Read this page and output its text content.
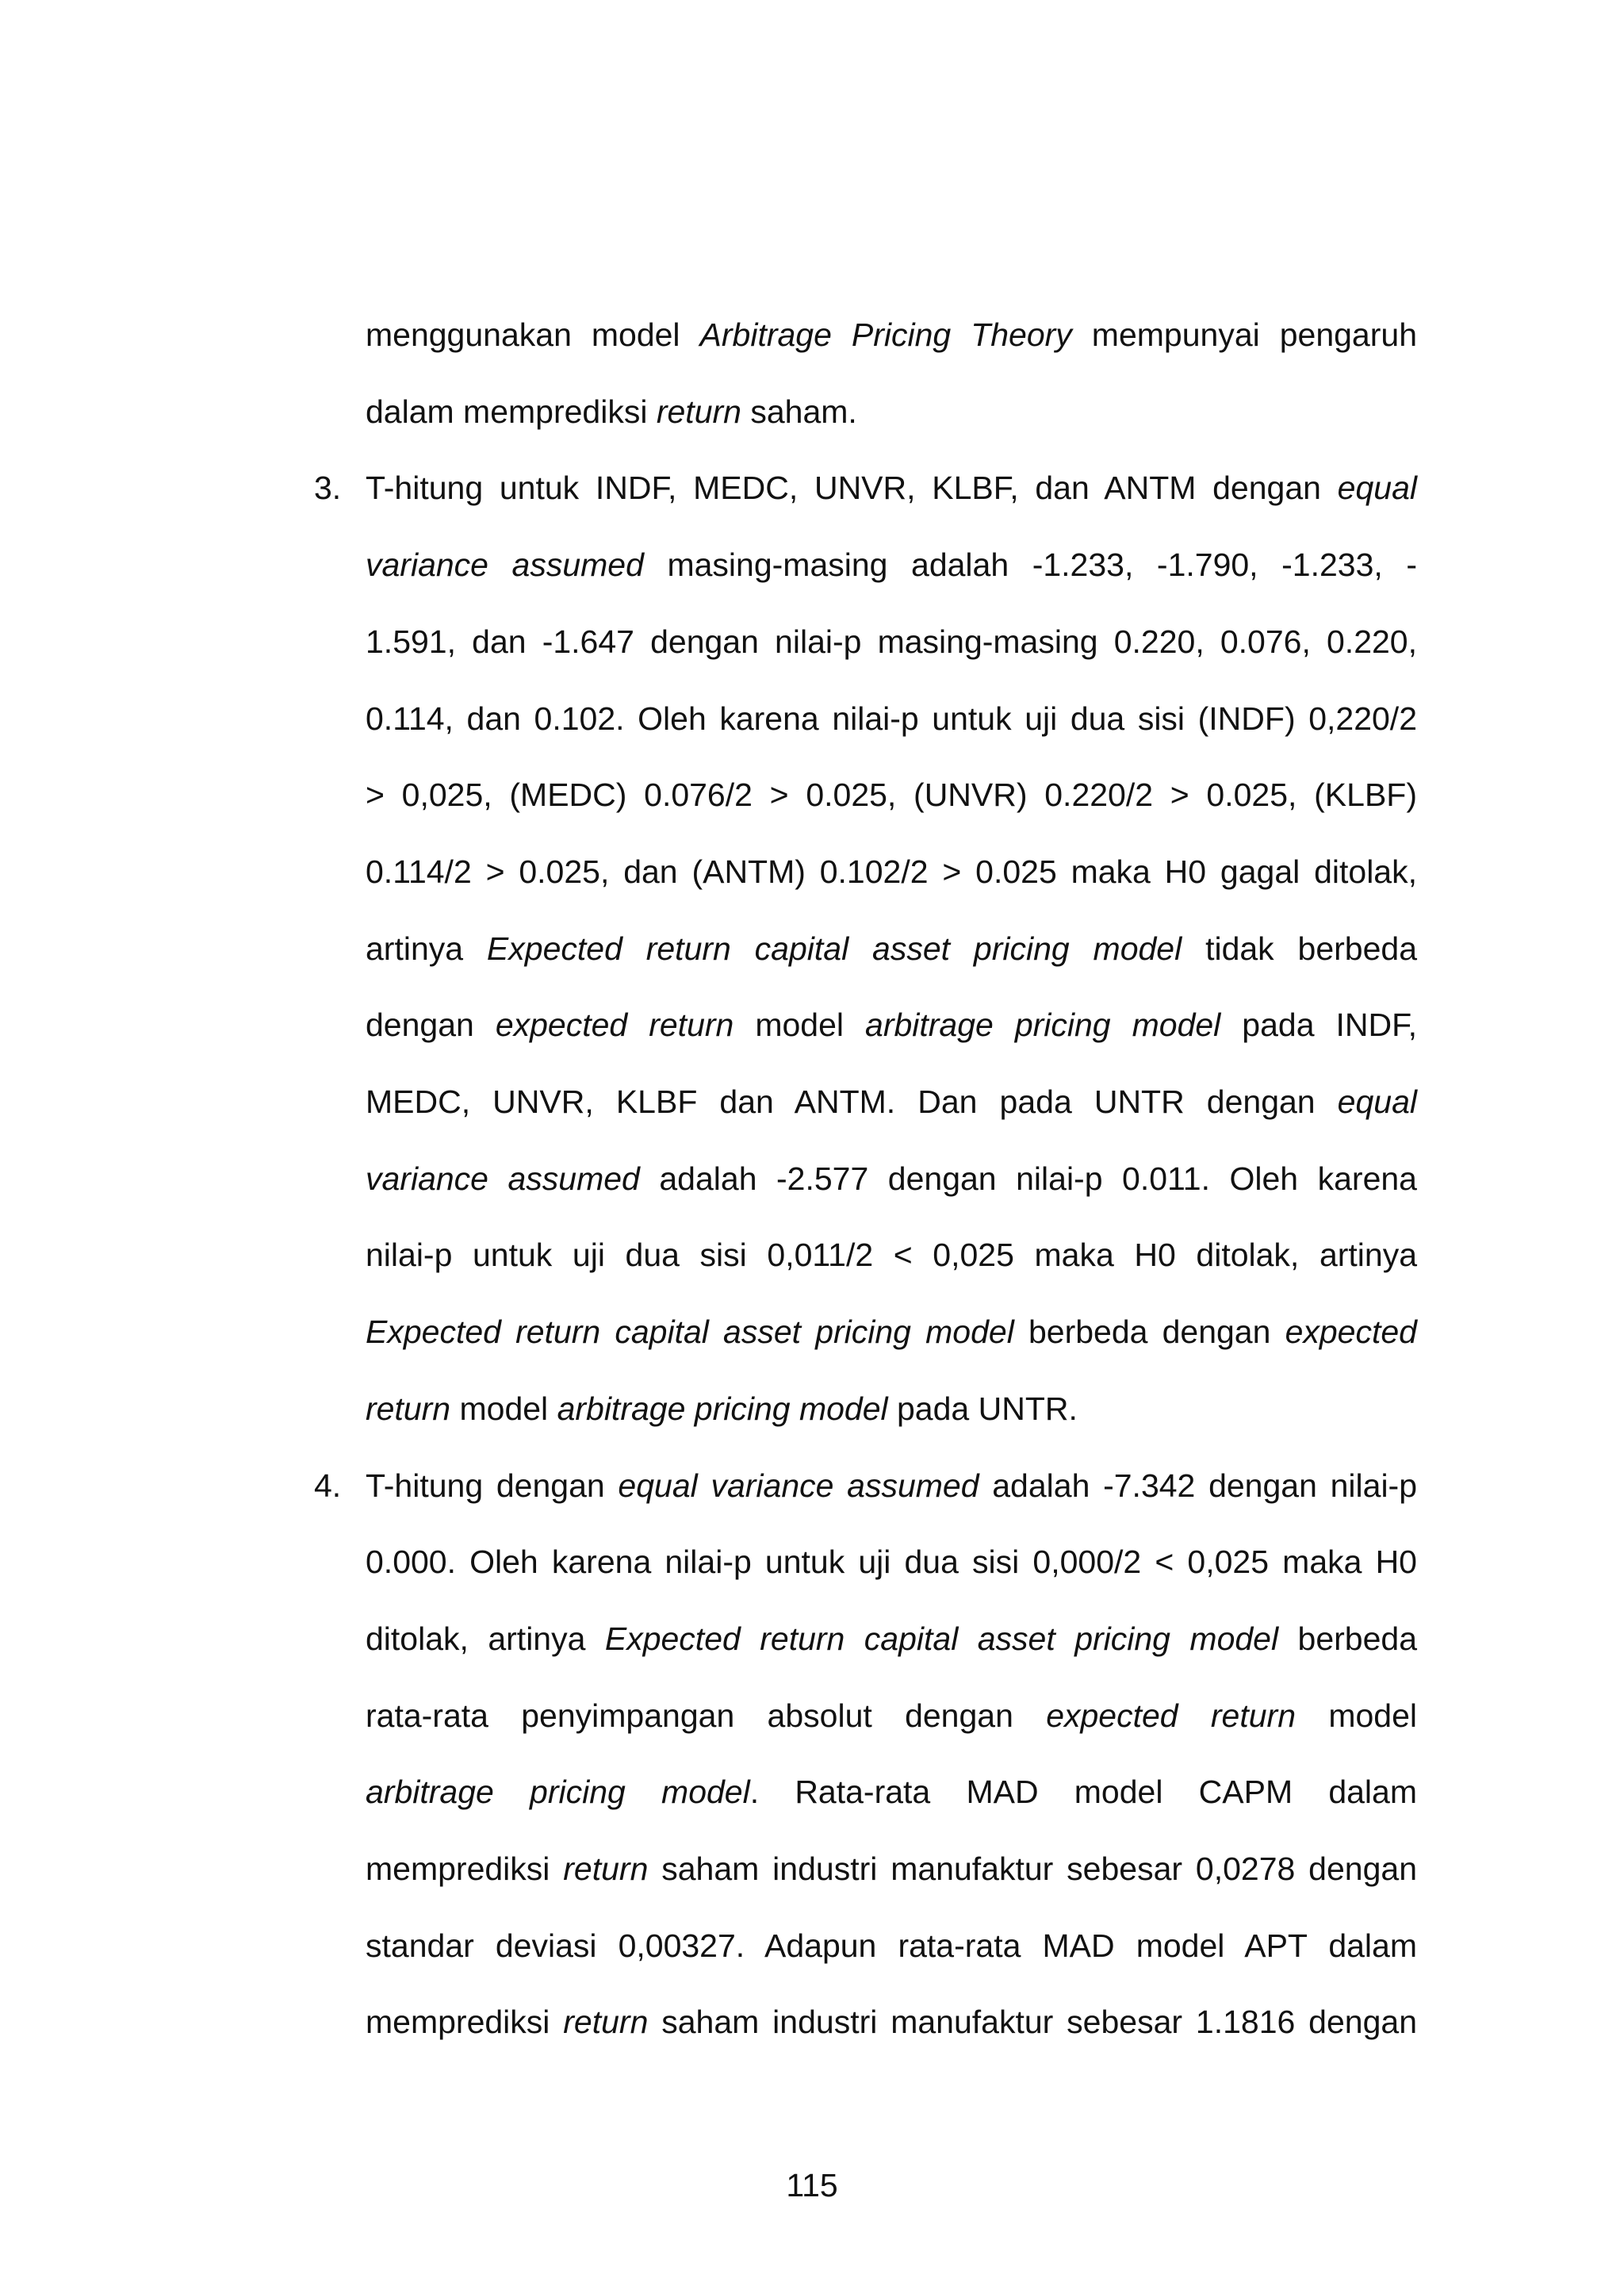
menggunakan model Arbitrage Pricing Theory mempunyai pengaruh
dalam memprediksi return saham.
3. T-hitung untuk INDF, MEDC, UNVR, KLBF, dan ANTM dengan equal
variance assumed masing-masing adalah -1.233, -1.790, -1.233, -
1.591, dan -1.647 dengan nilai-p masing-masing 0.220, 0.076, 0.220,
0.114, dan 0.102. Oleh karena nilai-p untuk uji dua sisi (INDF) 0,220/2
> 0,025, (MEDC) 0.076/2 > 0.025, (UNVR) 0.220/2 > 0.025, (KLBF)
0.114/2 > 0.025, dan (ANTM) 0.102/2 > 0.025 maka H0 gagal ditolak,
artinya Expected return capital asset pricing model tidak berbeda
dengan expected return model arbitrage pricing model pada INDF,
MEDC, UNVR, KLBF dan ANTM. Dan pada UNTR dengan equal
variance assumed adalah -2.577 dengan nilai-p 0.011. Oleh karena
nilai-p untuk uji dua sisi 0,011/2 < 0,025 maka H0 ditolak, artinya
Expected return capital asset pricing model berbeda dengan expected
return model arbitrage pricing model pada UNTR.
4. T-hitung dengan equal variance assumed adalah -7.342 dengan nilai-p
0.000. Oleh karena nilai-p untuk uji dua sisi 0,000/2 < 0,025 maka H0
ditolak, artinya Expected return capital asset pricing model berbeda
rata-rata penyimpangan absolut dengan expected return model
arbitrage pricing model. Rata-rata MAD model CAPM dalam
memprediksi return saham industri manufaktur sebesar 0,0278 dengan
standar deviasi 0,00327. Adapun rata-rata MAD model APT dalam
memprediksi return saham industri manufaktur sebesar 1.1816 dengan
115
